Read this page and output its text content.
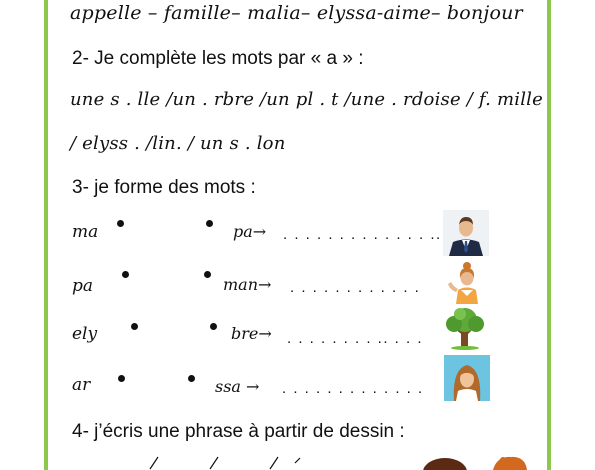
appelle – famille– malia– elyssa-aime– bonjour
2- Je complète les mots par « a » :
une s . lle /un . rbre /un pl . t /une . rdoise / f. mille
/ elyss . /lin. / un s . lon
3- je forme des mots :
ma	pa→ . . . . . . . . . . . . . ..
pa	man→ . . . . . . . . . . . .
ely	bre→ . . . . . . . . .. . . .
ar	ssa → . . . . . . . . . . . . .
4- j’écris une phrase à partir de dessin :
